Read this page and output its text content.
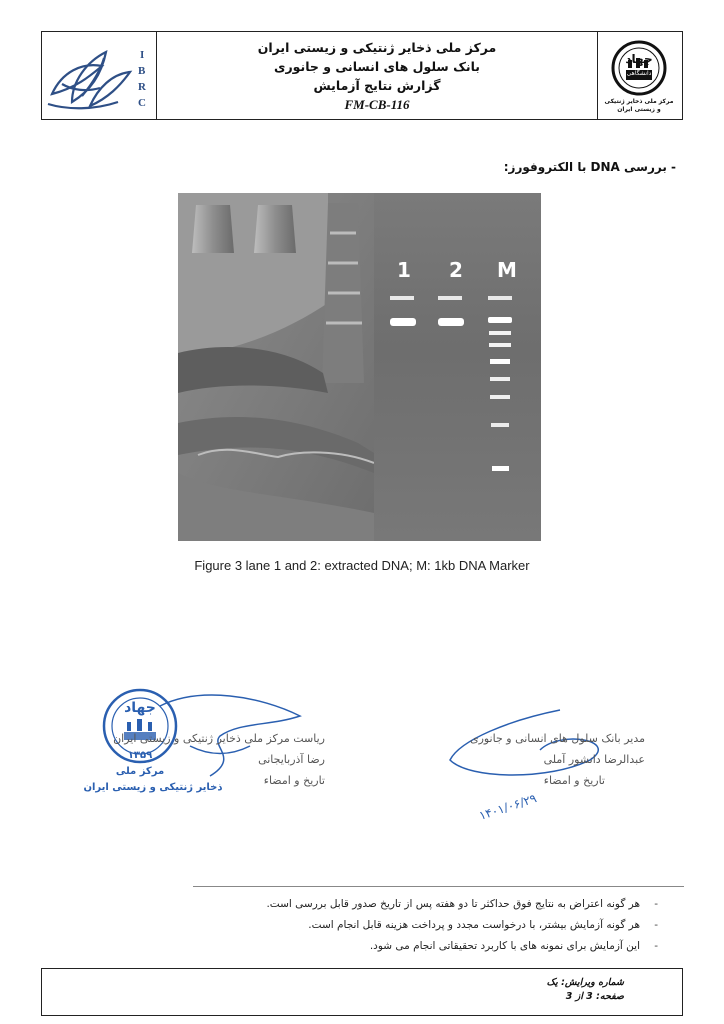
I
B
R
C
مرکز ملی ذخایر ژنتیکی و زیستی ایران
بانک سلول های انسانی و جانوری
گزارش نتایج آزمایش
FM-CB-116
جهاد
دانشگاهی
مرکز ملی ذخایر ژنتیکی و زیستی ایران
- بررسی DNA با الکتروفورز:
1 2 M
Figure 3 lane 1 and 2: extracted DNA; M: 1kb DNA Marker
جهاد
۱۳۵۹
مرکز ملی
ذخایر ژنتیکی و زیستی ایران
ریاست مرکز ملی ذخایر ژنتیکی و زیستی ایران
رضا آذربایجانی
تاریخ و امضاء
مدیر بانک سلول های انسانی و جانوری
عبدالرضا دانشور آملی
تاریخ و امضاء
۱۴۰۱/۰۶/۲۹
- هر گونه اعتراض به نتایج فوق حداکثر تا دو هفته پس از تاریخ صدور قابل بررسی است.
- هر گونه آزمایش بیشتر، با درخواست مجدد و پرداخت هزینه قابل انجام است.
- این آزمایش برای نمونه های با کاربرد تحقیقاتی انجام می شود.
شماره ویرایش: یک
صفحه: 3 از 3
